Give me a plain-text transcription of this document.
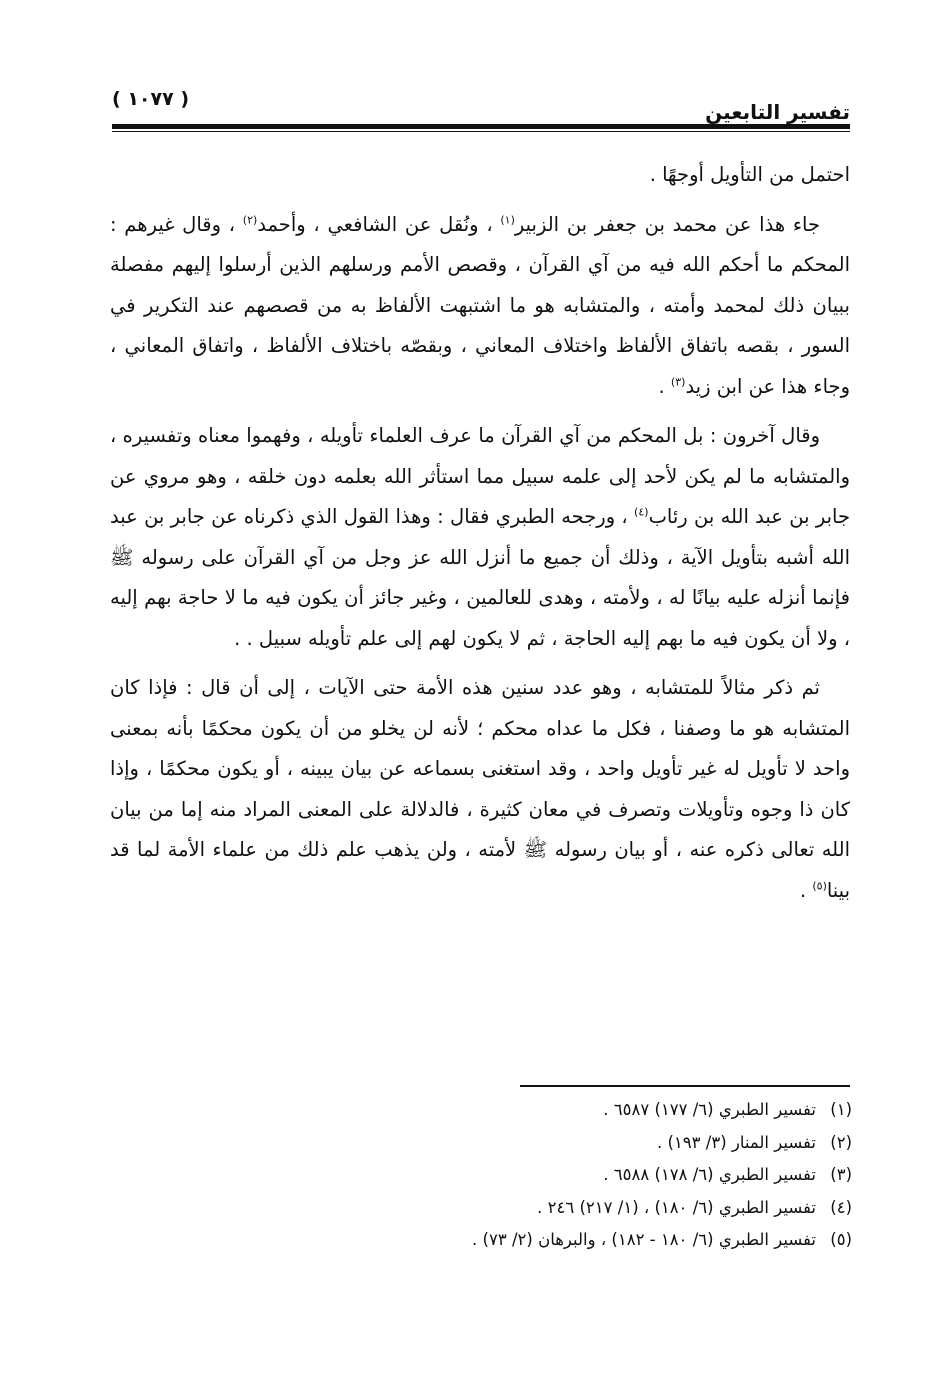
( ١٠٧٧ )
تفسير التابعين

احتمل من التأويل أوجهًا .

جاء هذا عن محمد بن جعفر بن الزبير$^{(١)}$ ، ونُقل عن الشافعي ، وأحمد$^{(٢)}$ ، وقال غيرهم : المحكم ما أحكم الله فيه من آي القرآن ، وقصص الأمم ورسلهم الذين أرسلوا إليهم مفصلة ببيان ذلك لمحمد وأمته ، والمتشابه هو ما اشتبهت الألفاظ به من قصصهم عند التكرير في السور ، بقصه باتفاق الألفاظ واختلاف المعاني ، وبقصّه باختلاف الألفاظ ، واتفاق المعاني ، وجاء هذا عن ابن زيد$^{(٣)}$ .

وقال آخرون : بل المحكم من آي القرآن ما عرف العلماء تأويله ، وفهموا معناه وتفسيره ، والمتشابه ما لم يكن لأحد إلى علمه سبيل مما استأثر الله بعلمه دون خلقه ، وهو مروي عن جابر بن عبد الله بن رئاب$^{(٤)}$ ، ورجحه الطبري فقال : وهذا القول الذي ذكرناه عن جابر بن عبد الله أشبه بتأويل الآية ، وذلك أن جميع ما أنزل الله عز وجل من آي القرآن على رسوله ﷺ فإنما أنزله عليه بيانًا له ، ولأمته ، وهدى للعالمين ، وغير جائز أن يكون فيه ما لا حاجة بهم إليه ، ولا أن يكون فيه ما بهم إليه الحاجة ، ثم لا يكون لهم إلى علم تأويله سبيل . .

ثم ذكر مثالاً للمتشابه ، وهو عدد سنين هذه الأمة حتى الآيات ، إلى أن قال : فإذا كان المتشابه هو ما وصفنا ، فكل ما عداه محكم ؛ لأنه لن يخلو من أن يكون محكمًا بأنه بمعنى واحد لا تأويل له غير تأويل واحد ، وقد استغنى بسماعه عن بيان يبينه ، أو يكون محكمًا ، وإذا كان ذا وجوه وتأويلات وتصرف في معان كثيرة ، فالدلالة على المعنى المراد منه إما من بيان الله تعالى ذكره عنه ، أو بيان رسوله ﷺ لأمته ، ولن يذهب علم ذلك من علماء الأمة لما قد بينا$^{(٥)}$ .

(١)تفسير الطبري (٦/ ١٧٧) ٦٥٨٧ .
(٢)تفسير المنار (٣/ ١٩٣) .
(٣)تفسير الطبري (٦/ ١٧٨) ٦٥٨٨ .
(٤)تفسير الطبري (٦/ ١٨٠) ، (١/ ٢١٧) ٢٤٦ .
(٥)تفسير الطبري (٦/ ١٨٠ - ١٨٢) ، والبرهان (٢/ ٧٣) .
